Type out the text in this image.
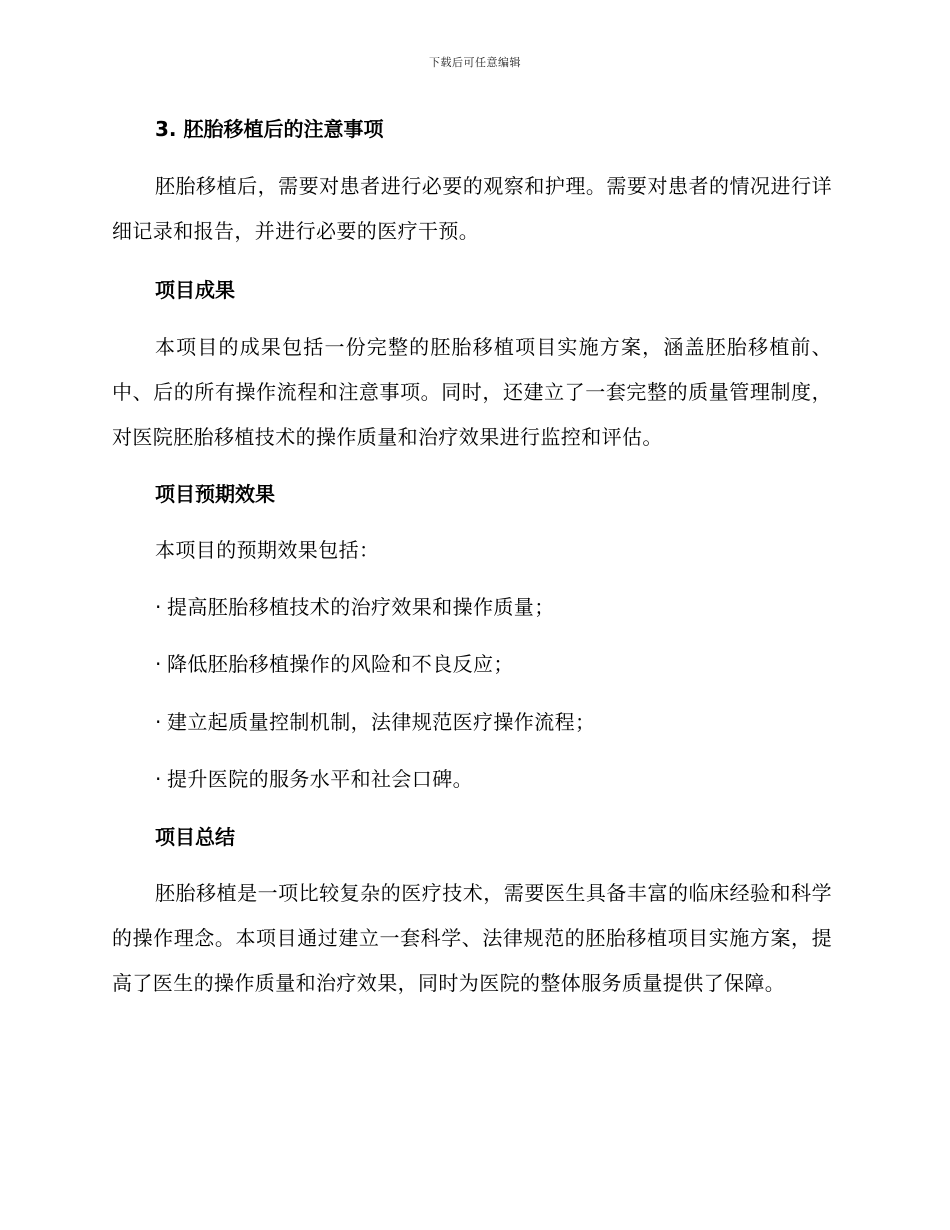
下载后可任意编辑
3. 胚胎移植后的注意事项
胚胎移植后，需要对患者进行必要的观察和护理。需要对患者的情况进行详细记录和报告，并进行必要的医疗干预。
项目成果
本项目的成果包括一份完整的胚胎移植项目实施方案，涵盖胚胎移植前、中、后的所有操作流程和注意事项。同时，还建立了一套完整的质量管理制度，对医院胚胎移植技术的操作质量和治疗效果进行监控和评估。
项目预期效果
本项目的预期效果包括：
· 提高胚胎移植技术的治疗效果和操作质量；
· 降低胚胎移植操作的风险和不良反应；
· 建立起质量控制机制，法律规范医疗操作流程；
· 提升医院的服务水平和社会口碑。
项目总结
胚胎移植是一项比较复杂的医疗技术，需要医生具备丰富的临床经验和科学的操作理念。本项目通过建立一套科学、法律规范的胚胎移植项目实施方案，提高了医生的操作质量和治疗效果，同时为医院的整体服务质量提供了保障。
